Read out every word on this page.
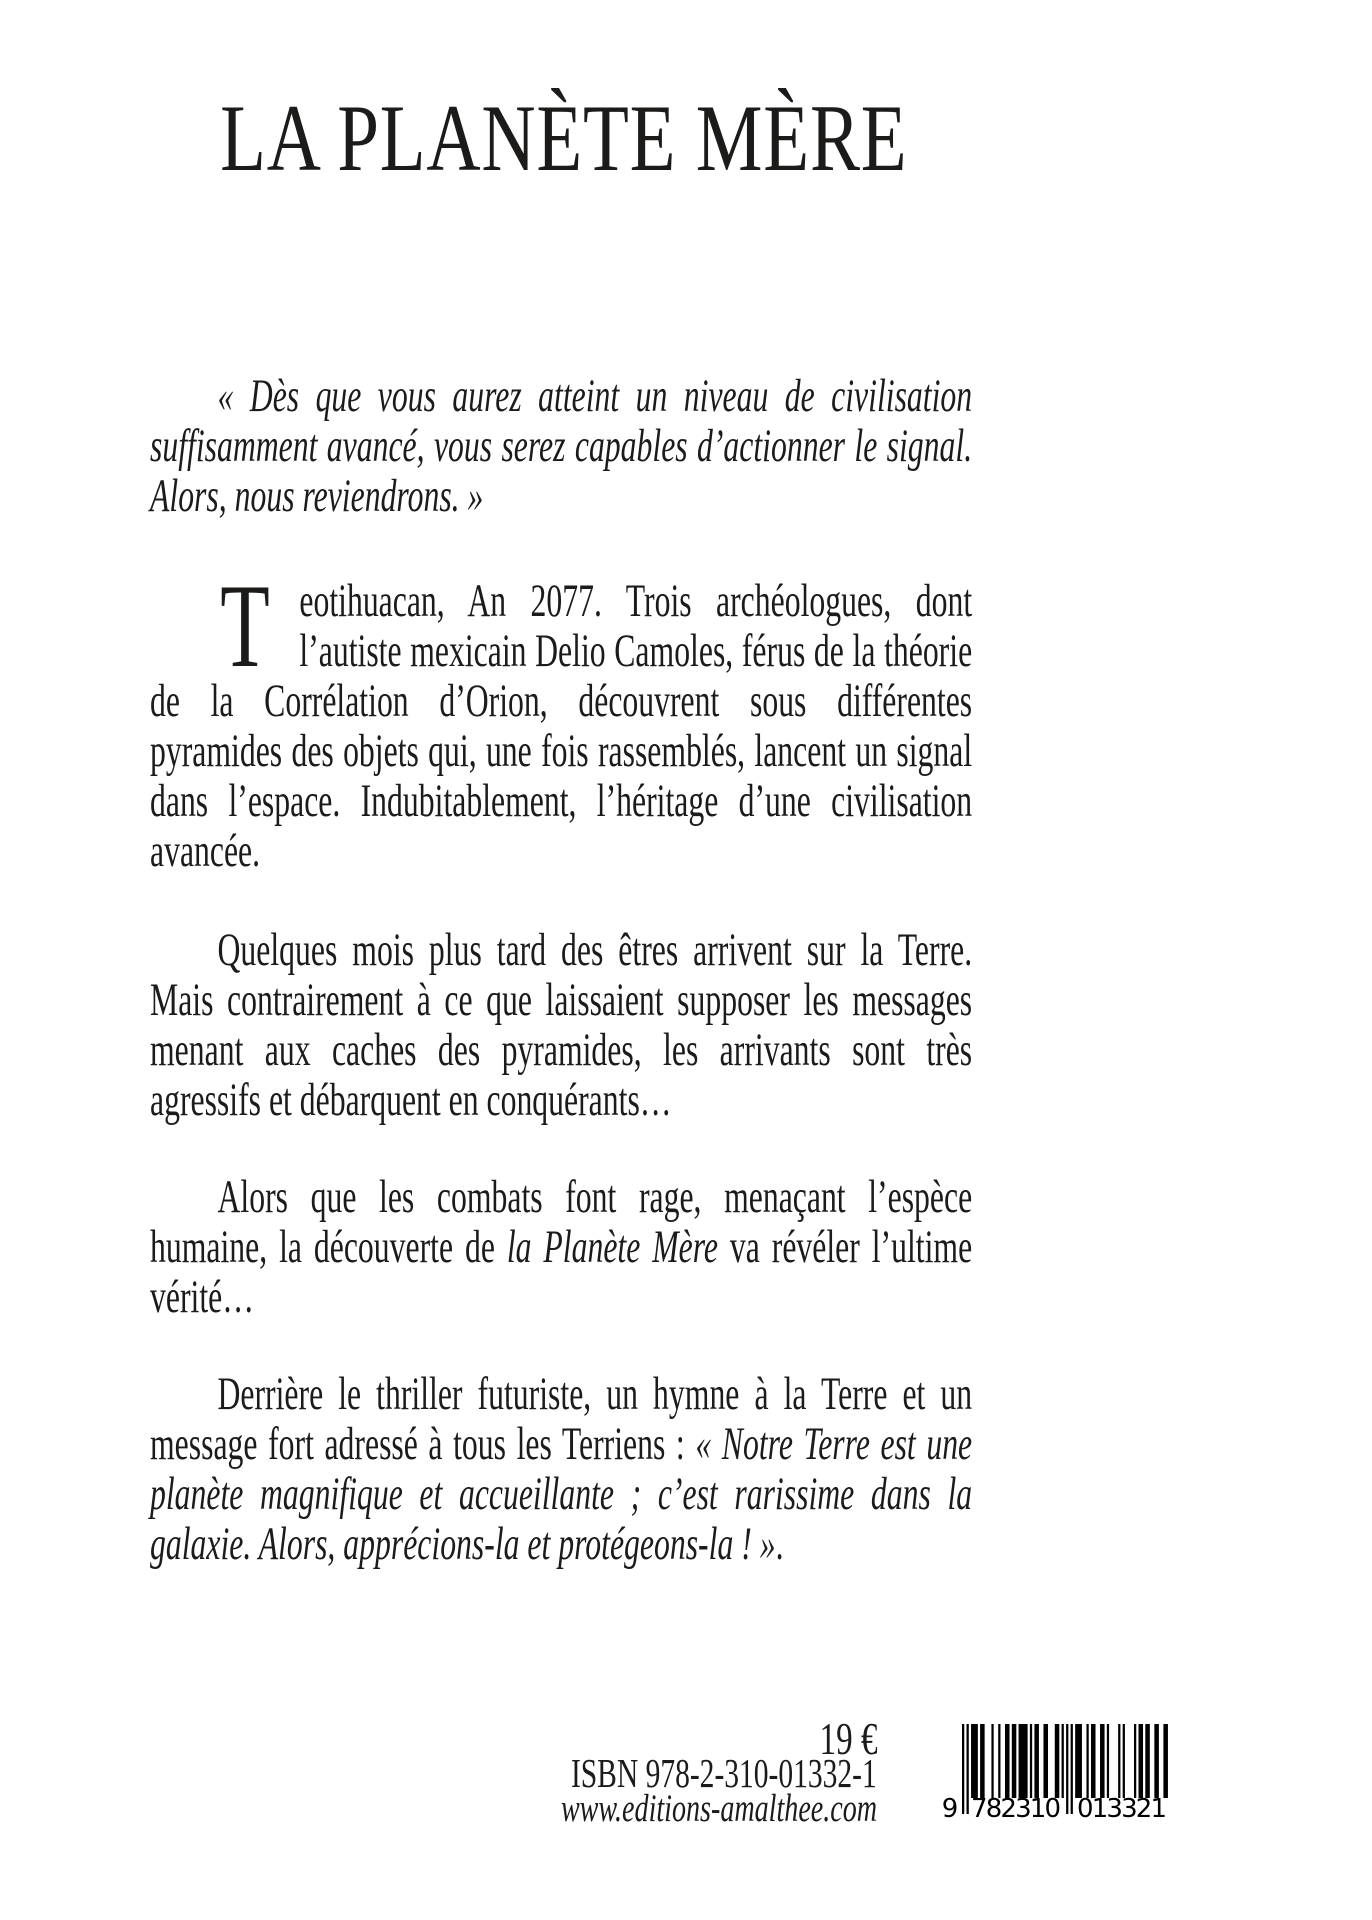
LA PLANÈTE MÈRE

« Dès que vous aurez atteint un niveau de civilisation suffisamment avancé, vous serez capables d’actionner le signal. Alors, nous reviendrons. »

Teotihuacan, An 2077. Trois archéologues, dont l’autiste mexicain Delio Camoles, férus de la théorie de la Corrélation d’Orion, découvrent sous différentes pyramides des objets qui, une fois rassemblés, lancent un signal dans l’espace. Indubitablement, l’héritage d’une civilisation avancée.

Quelques mois plus tard des êtres arrivent sur la Terre. Mais contrairement à ce que laissaient supposer les messages menant aux caches des pyramides, les arrivants sont très agressifs et débarquent en conquérants…

Alors que les combats font rage, menaçant l’espèce humaine, la découverte de la Planète Mère va révéler l’ultime vérité…

Derrière le thriller futuriste, un hymne à la Terre et un message fort adressé à tous les Terriens : « Notre Terre est une planète magnifique et accueillante ; c’est rarissime dans la galaxie. Alors, apprécions-la et protégeons-la ! ».

19 €
ISBN 978-2-310-01332-1
www.editions-amalthee.com 9 782310 013321
